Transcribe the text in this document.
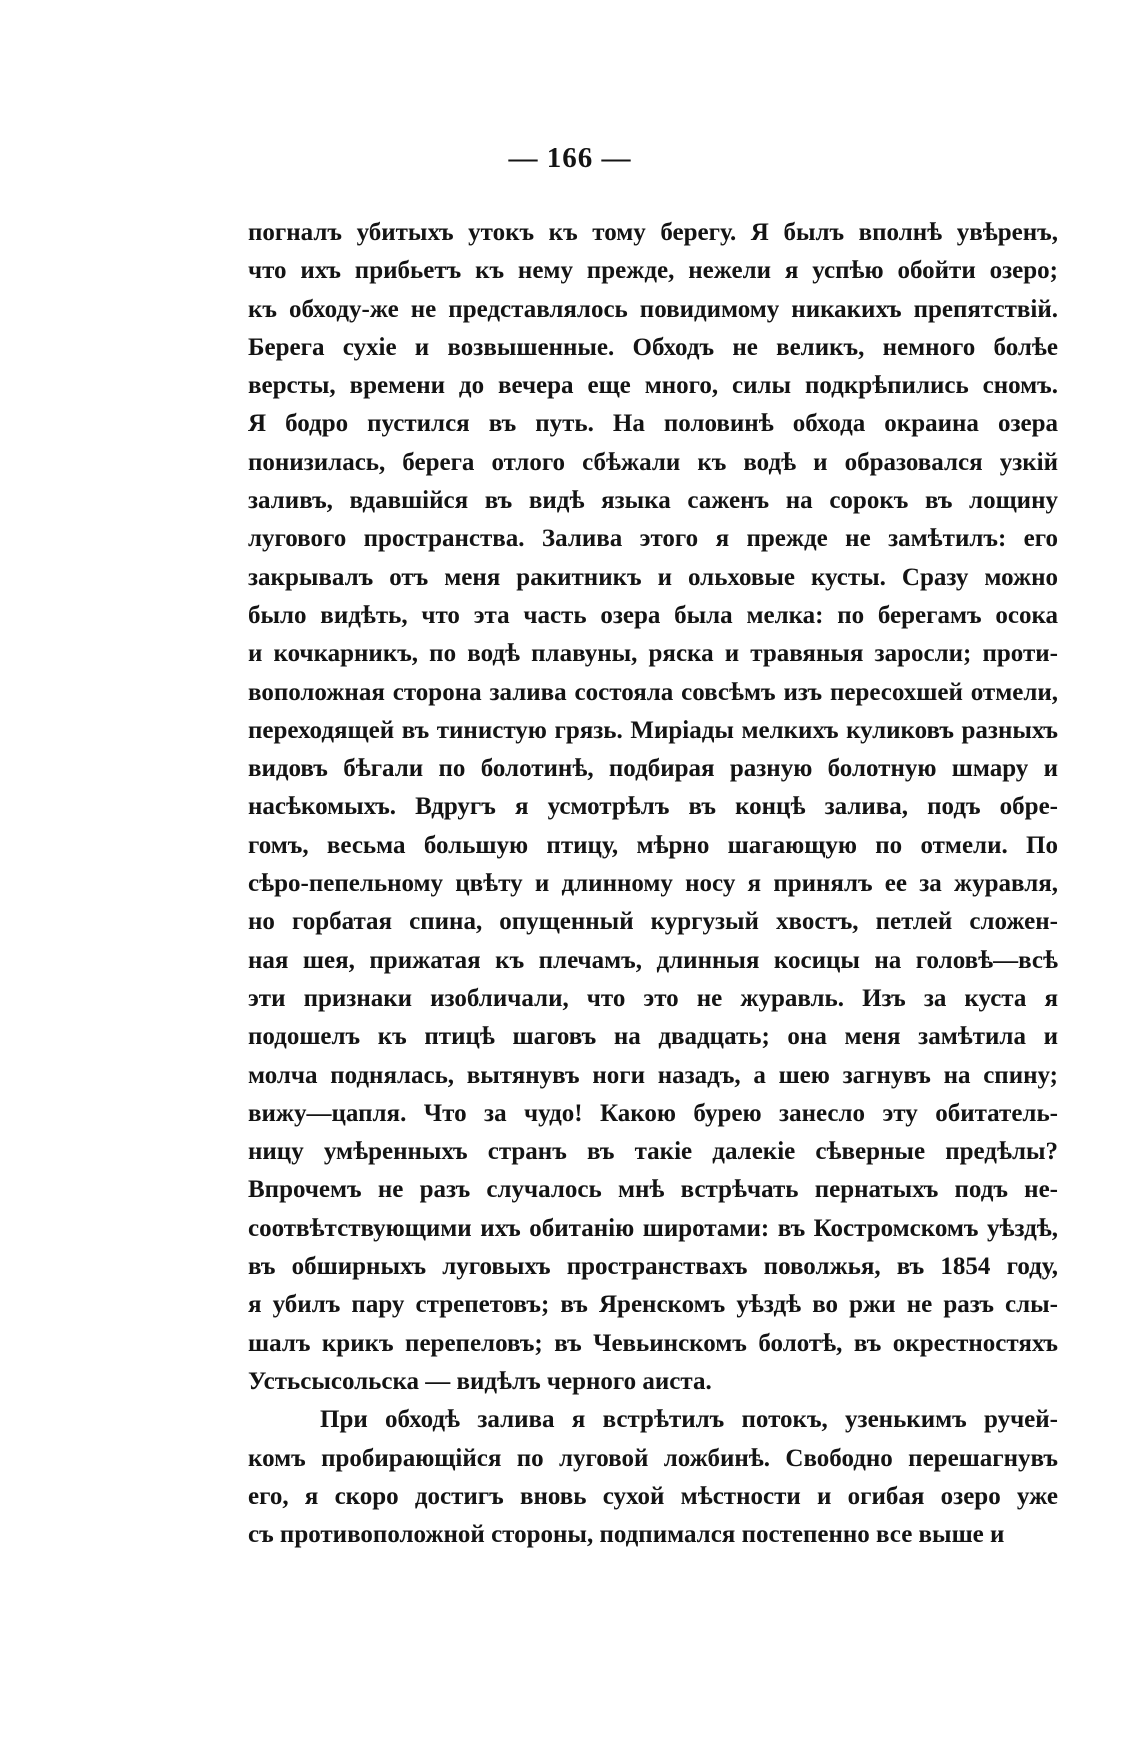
— 166 —
погналъ убитыхъ утокъ къ тому берегу. Я былъ вполнѣ увѣренъ,
что ихъ прибьетъ къ нему прежде, нежели я успѣю обойти озеро;
къ обходу-же не представлялось повидимому никакихъ препятствій.
Берега сухіе и возвышенные. Обходъ не великъ, немного болѣе
версты, времени до вечера еще много, силы подкрѣпились сномъ.
Я бодро пустился въ путь. На половинѣ обхода окраина озера
понизилась, берега отлого сбѣжали къ водѣ и образовался узкій
заливъ, вдавшійся въ видѣ языка саженъ на сорокъ въ лощину
лугового пространства. Залива этого я прежде не замѣтилъ: его
закрывалъ отъ меня ракитникъ и ольховые кусты. Сразу можно
было видѣть, что эта часть озера была мелка: по берегамъ осока
и кочкарникъ, по водѣ плавуны, ряска и травяныя заросли; проти-
воположная сторона залива состояла совсѣмъ изъ пересохшей отмели,
переходящей въ тинистую грязь. Миріады мелкихъ куликовъ разныхъ
видовъ бѣгали по болотинѣ, подбирая разную болотную шмару и
насѣкомыхъ. Вдругъ я усмотрѣлъ въ концѣ залива, подъ обре-
гомъ, весьма большую птицу, мѣрно шагающую по отмели. По
сѣро-пепельному цвѣту и длинному носу я принялъ ее за журавля,
но горбатая спина, опущенный кургузый хвостъ, петлей сложен-
ная шея, прижатая къ плечамъ, длинныя косицы на головѣ—всѣ
эти признаки изобличали, что это не журавль. Изъ за куста я
подошелъ къ птицѣ шаговъ на двадцать; она меня замѣтила и
молча поднялась, вытянувъ ноги назадъ, а шею загнувъ на спину;
вижу—цапля. Что за чудо! Какою бурею занесло эту обитатель-
ницу умѣренныхъ странъ въ такіе далекіе сѣверные предѣлы?
Впрочемъ не разъ случалось мнѣ встрѣчать пернатыхъ подъ не-
соотвѣтствующими ихъ обитанію широтами: въ Костромскомъ уѣздѣ,
въ обширныхъ луговыхъ пространствахъ поволжья, въ 1854 году,
я убилъ пару стрепетовъ; въ Яренскомъ уѣздѣ во ржи не разъ слы-
шалъ крикъ перепеловъ; въ Чевьинскомъ болотѣ, въ окрестностяхъ
Устьсысольска — видѣлъ черного аиста.
При обходѣ залива я встрѣтилъ потокъ, узенькимъ ручей-
комъ пробирающійся по луговой ложбинѣ. Свободно перешагнувъ
его, я скоро достигъ вновь сухой мѣстности и огибая озеро уже
съ противоположной стороны, подпимался постепенно все выше и
